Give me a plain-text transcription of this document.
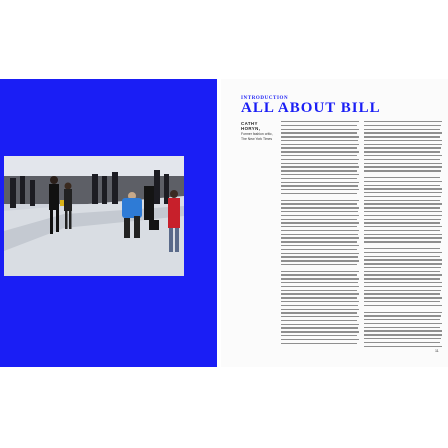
INTRODUCTION
ALL ABOUT BILL
CATHY
HORYN,
Former fashion critic,
The New York Times
11
